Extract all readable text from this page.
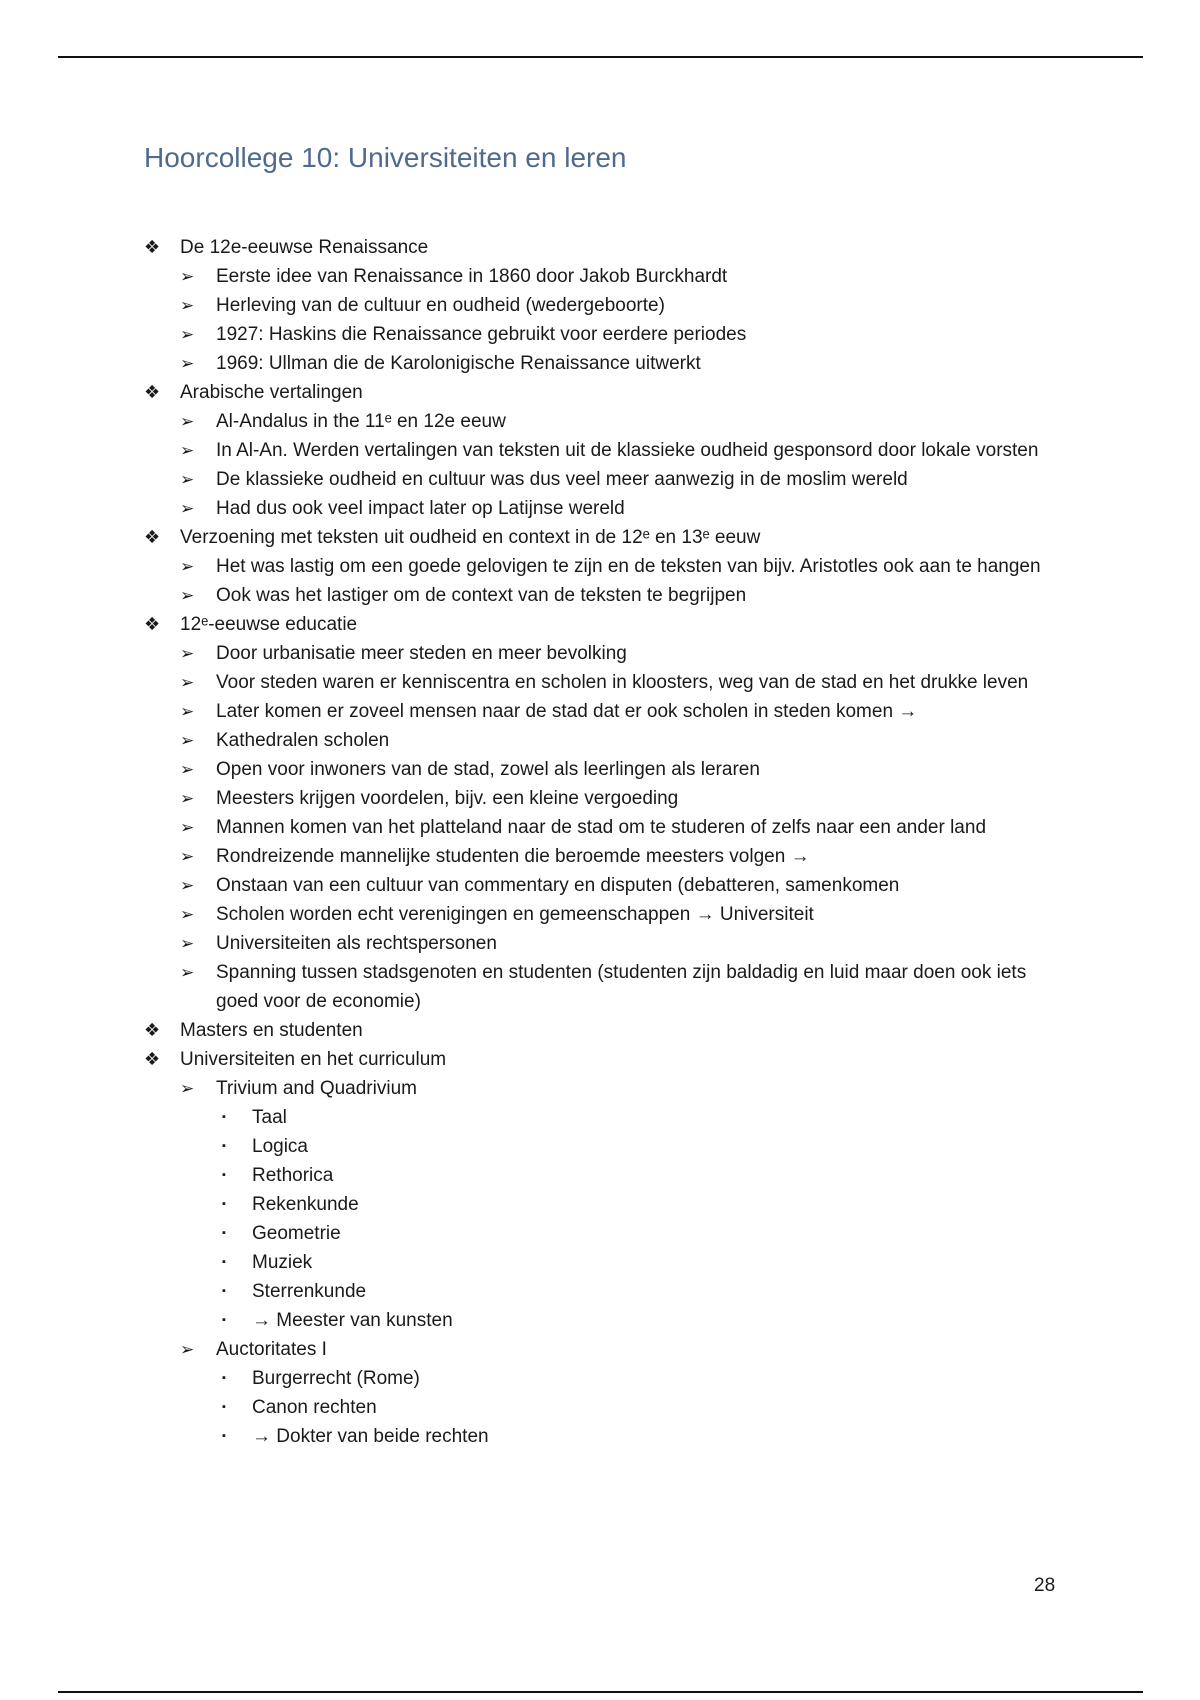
Hoorcollege 10: Universiteiten en leren
❖ De 12e-eeuwse Renaissance
➢ Eerste idee van Renaissance in 1860 door Jakob Burckhardt
➢ Herleving van de cultuur en oudheid (wedergeboorte)
➢ 1927: Haskins die Renaissance gebruikt voor eerdere periodes
➢ 1969: Ullman die de Karolonigische Renaissance uitwerkt
❖ Arabische vertalingen
➢ Al-Andalus in the 11ᵉ en 12e eeuw
➢ In Al-An. Werden vertalingen van teksten uit de klassieke oudheid gesponsord door lokale vorsten
➢ De klassieke oudheid en cultuur was dus veel meer aanwezig in de moslim wereld
➢ Had dus ook veel impact later op Latijnse wereld
❖ Verzoening met teksten uit oudheid en context in de 12ᵉ en 13ᵉ eeuw
➢ Het was lastig om een goede gelovigen te zijn en de teksten van bijv. Aristotles ook aan te hangen
➢ Ook was het lastiger om de context van de teksten te begrijpen
❖ 12ᵉ-eeuwse educatie
➢ Door urbanisatie meer steden en meer bevolking
➢ Voor steden waren er kenniscentra en scholen in kloosters, weg van de stad en het drukke leven
➢ Later komen er zoveel mensen naar de stad dat er ook scholen in steden komen →
➢ Kathedralen scholen
➢ Open voor inwoners van de stad, zowel als leerlingen als leraren
➢ Meesters krijgen voordelen, bijv. een kleine vergoeding
➢ Mannen komen van het platteland naar de stad om te studeren of zelfs naar een ander land
➢ Rondreizende mannelijke studenten die beroemde meesters volgen →
➢ Onstaan van een cultuur van commentary en disputen (debatteren, samenkomen
➢ Scholen worden echt verenigingen en gemeenschappen → Universiteit
➢ Universiteiten als rechtspersonen
➢ Spanning tussen stadsgenoten en studenten (studenten zijn baldadig en luid maar doen ook iets goed voor de economie)
❖ Masters en studenten
❖ Universiteiten en het curriculum
➢ Trivium and Quadrivium
▪ Taal
▪ Logica
▪ Rethorica
▪ Rekenkunde
▪ Geometrie
▪ Muziek
▪ Sterrenkunde
▪ → Meester van kunsten
➢ Auctoritates I
▪ Burgerrecht (Rome)
▪ Canon rechten
▪ → Dokter van beide rechten
28
